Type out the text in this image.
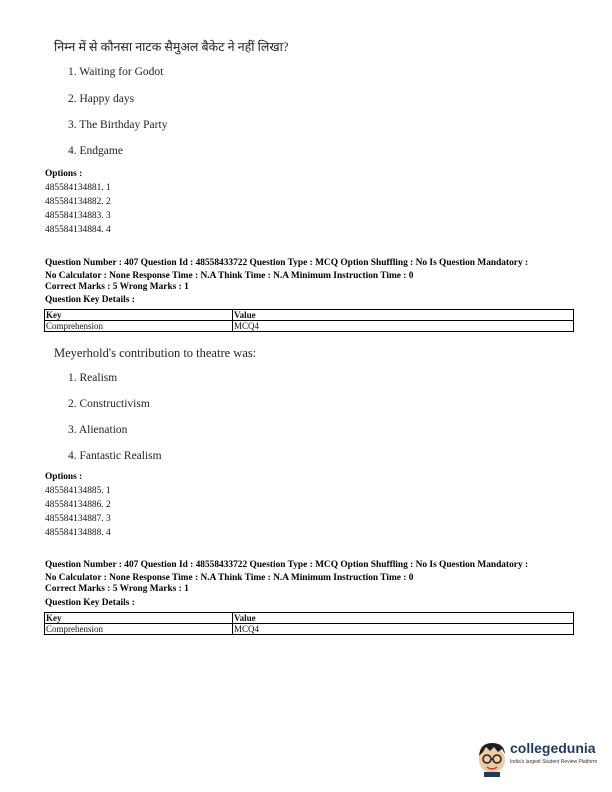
निम्न में से कौनसा नाटक सैमुअल बैकेट ने नहीं लिखा?
1. Waiting for Godot
2. Happy days
3. The Birthday Party
4. Endgame
Options :
485584134881. 1
485584134882. 2
485584134883. 3
485584134884. 4
Question Number : 407 Question Id : 48558433722 Question Type : MCQ Option Shuffling : No Is Question Mandatory :
No Calculator : None Response Time : N.A Think Time : N.A Minimum Instruction Time : 0
Correct Marks : 5 Wrong Marks : 1
Question Key Details :
Key	Value
Comprehension	MCQ4
Meyerhold's contribution to theatre was:
1. Realism
2. Constructivism
3. Alienation
4. Fantastic Realism
Options :
485584134885. 1
485584134886. 2
485584134887. 3
485584134888. 4
Question Number : 407 Question Id : 48558433722 Question Type : MCQ Option Shuffling : No Is Question Mandatory :
No Calculator : None Response Time : N.A Think Time : N.A Minimum Instruction Time : 0
Correct Marks : 5 Wrong Marks : 1
Question Key Details :
Key	Value
Comprehension	MCQ4
collegedunia
India's largest Student Review Platform
